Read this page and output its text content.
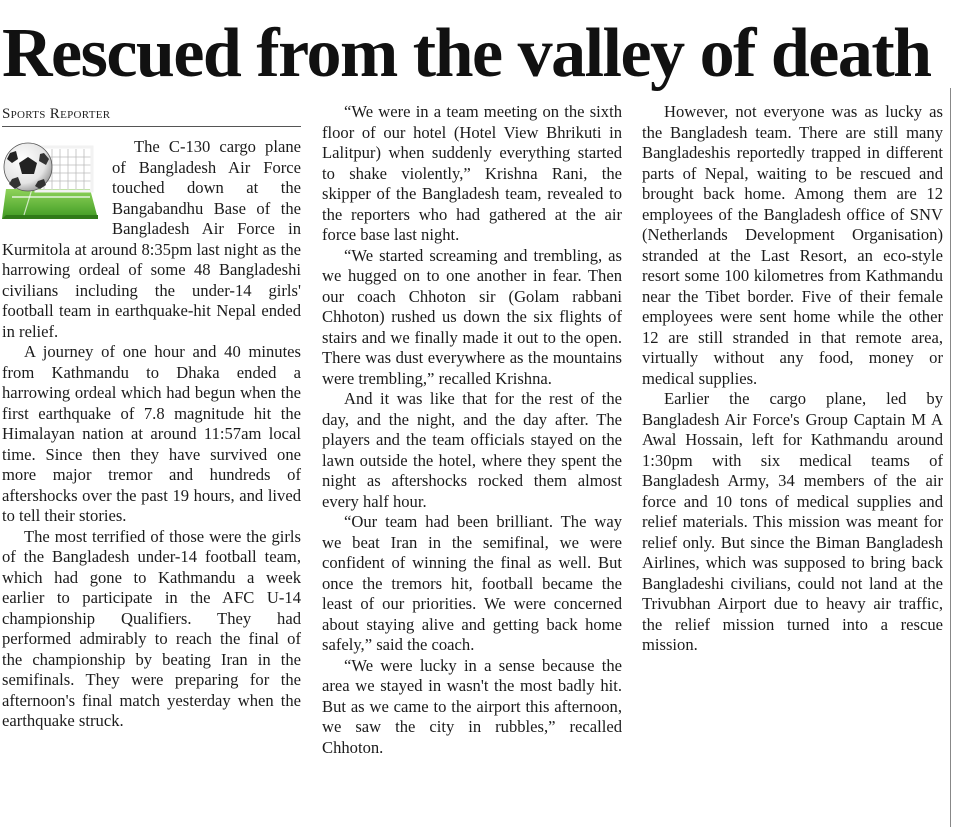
Rescued from the valley of death
Sports Reporter

The C-130 cargo plane of Bangladesh Air Force touched down at the Bangabandhu Base of the Bangladesh Air Force in Kurmitola at around 8:35pm last night as the harrowing ordeal of some 48 Bangladeshi civilians including the under-14 girls' football team in earthquake-hit Nepal ended in relief.

A journey of one hour and 40 minutes from Kathmandu to Dhaka ended a harrowing ordeal which had begun when the first earthquake of 7.8 magnitude hit the Himalayan nation at around 11:57am local time. Since then they have survived one more major tremor and hundreds of aftershocks over the past 19 hours, and lived to tell their stories.

The most terrified of those were the girls of the Bangladesh under-14 football team, which had gone to Kathmandu a week earlier to participate in the AFC U-14 championship Qualifiers. They had performed admirably to reach the final of the championship by beating Iran in the semifinals. They were preparing for the afternoon's final match yesterday when the earthquake struck.

“We were in a team meeting on the sixth floor of our hotel (Hotel View Bhrikuti in Lalitpur) when suddenly everything started to shake violently,” Krishna Rani, the skipper of the Bangladesh team, revealed to the reporters who had gathered at the air force base last night.

“We started screaming and trembling, as we hugged on to one another in fear. Then our coach Chhoton sir (Golam rabbani Chhoton) rushed us down the six flights of stairs and we finally made it out to the open. There was dust everywhere as the mountains were trembling,” recalled Krishna.

And it was like that for the rest of the day, and the night, and the day after. The players and the team officials stayed on the lawn outside the hotel, where they spent the night as aftershocks rocked them almost every half hour.

“Our team had been brilliant. The way we beat Iran in the semifinal, we were confident of winning the final as well. But once the tremors hit, football became the least of our priorities. We were concerned about staying alive and getting back home safely,” said the coach.

“We were lucky in a sense because the area we stayed in wasn't the most badly hit. But as we came to the airport this afternoon, we saw the city in rubbles,” recalled Chhoton.

However, not everyone was as lucky as the Bangladesh team. There are still many Bangladeshis reportedly trapped in different parts of Nepal, waiting to be rescued and brought back home. Among them are 12 employees of the Bangladesh office of SNV (Netherlands Development Organisation) stranded at the Last Resort, an eco-style resort some 100 kilometres from Kathmandu near the Tibet border. Five of their female employees were sent home while the other 12 are still stranded in that remote area, virtually without any food, money or medical supplies.

Earlier the cargo plane, led by Bangladesh Air Force's Group Captain M A Awal Hossain, left for Kathmandu around 1:30pm with six medical teams of Bangladesh Army, 34 members of the air force and 10 tons of medical supplies and relief materials. This mission was meant for relief only. But since the Biman Bangladesh Airlines, which was supposed to bring back Bangladeshi civilians, could not land at the Trivubhan Airport due to heavy air traffic, the relief mission turned into a rescue mission.
